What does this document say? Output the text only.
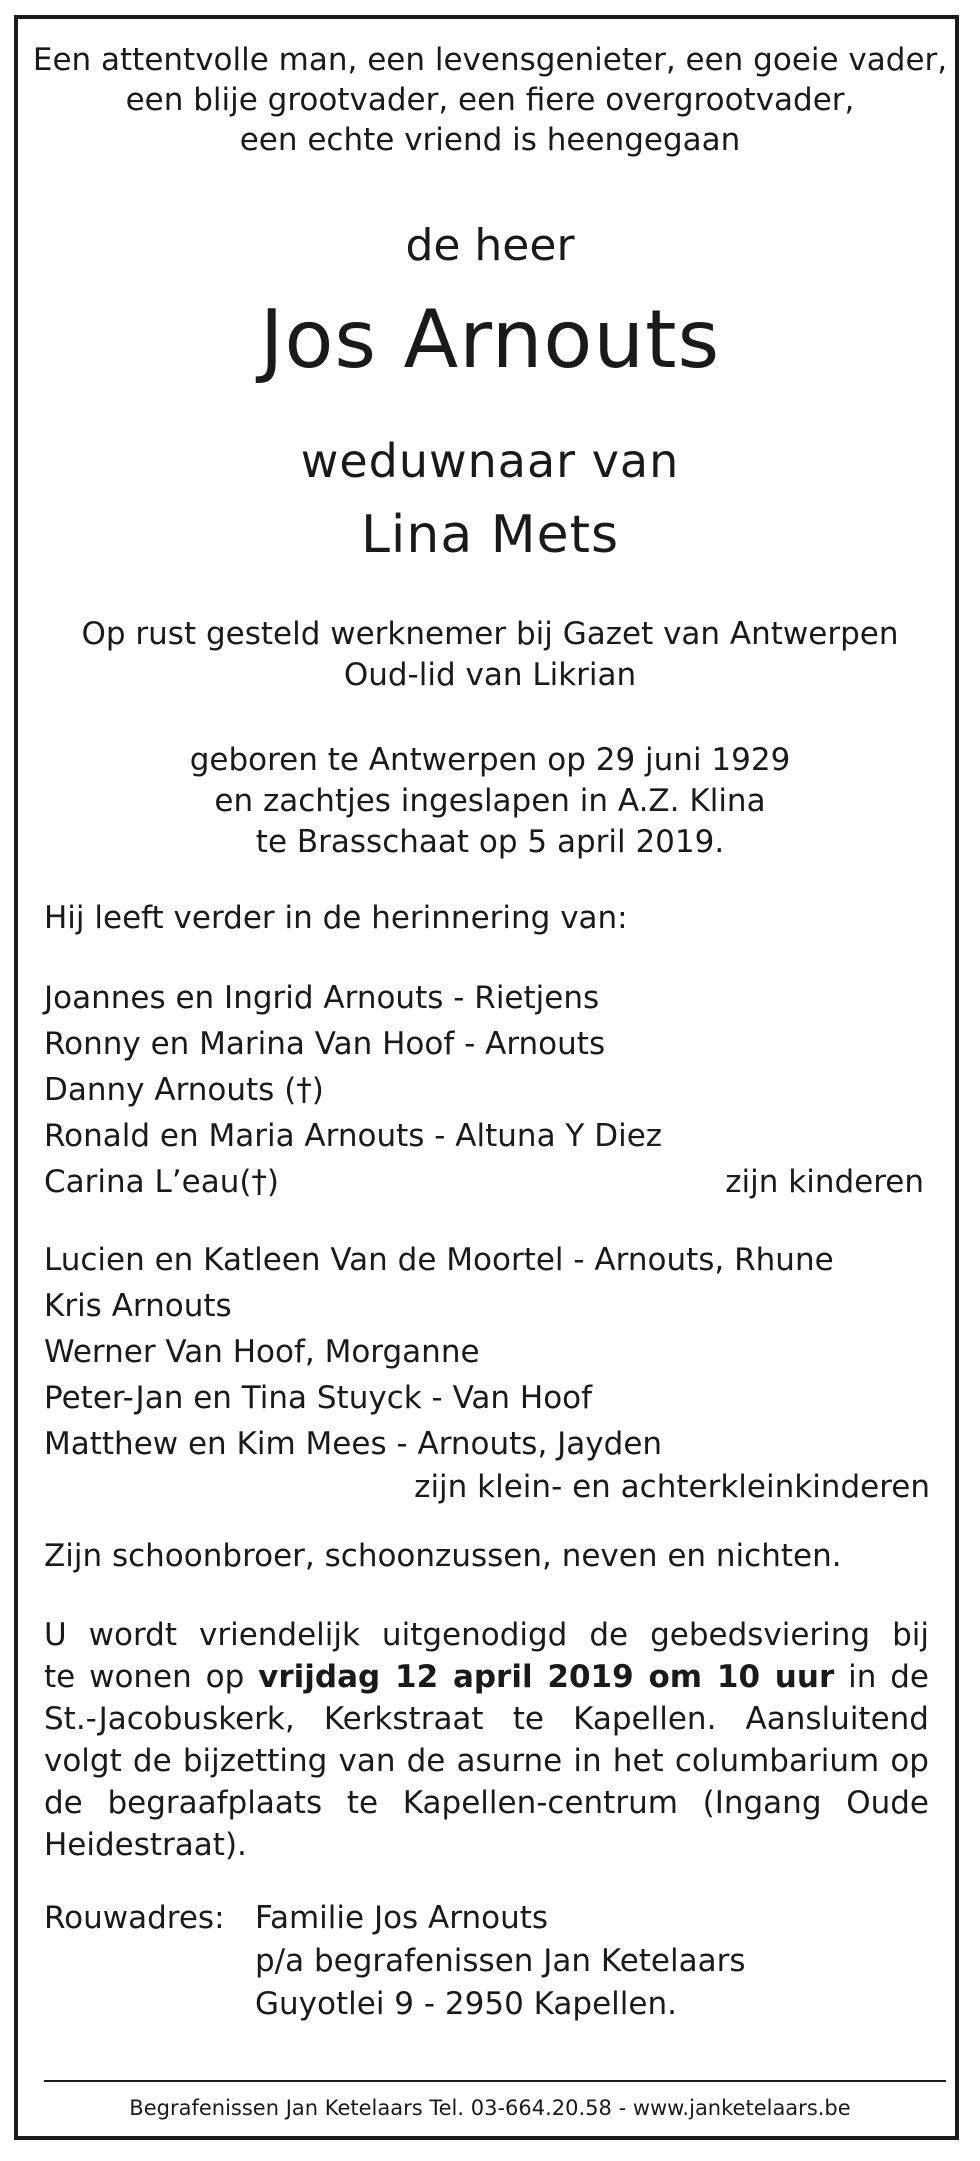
Een attentvolle man, een levensgenieter, een goeie vader,
een blije grootvader, een fiere overgrootvader,
een echte vriend is heengegaan
de heer
Jos Arnouts
weduwnaar van
Lina Mets
Op rust gesteld werknemer bij Gazet van Antwerpen
Oud-lid van Likrian
geboren te Antwerpen op 29 juni 1929
en zachtjes ingeslapen in A.Z. Klina
te Brasschaat op 5 april 2019.
Hij leeft verder in de herinnering van:
Joannes en Ingrid Arnouts - Rietjens
Ronny en Marina Van Hoof - Arnouts
Danny Arnouts (†)
Ronald en Maria Arnouts - Altuna Y Diez
Carina L’eau(†)	zijn kinderen
Lucien en Katleen Van de Moortel - Arnouts, Rhune
Kris Arnouts
Werner Van Hoof, Morganne
Peter-Jan en Tina Stuyck - Van Hoof
Matthew en Kim Mees - Arnouts, Jayden
zijn klein- en achterkleinkinderen
Zijn schoonbroer, schoonzussen, neven en nichten.
U wordt vriendelijk uitgenodigd de gebedsviering bij
te wonen op vrijdag 12 april 2019 om 10 uur in de
St.-Jacobuskerk, Kerkstraat te Kapellen. Aansluitend
volgt de bijzetting van de asurne in het columbarium op
de begraafplaats te Kapellen-centrum (Ingang Oude
Heidestraat).
Rouwadres: Familie Jos Arnouts
p/a begrafenissen Jan Ketelaars
Guyotlei 9 - 2950 Kapellen.
Begrafenissen Jan Ketelaars Tel. 03-664.20.58 - www.janketelaars.be
